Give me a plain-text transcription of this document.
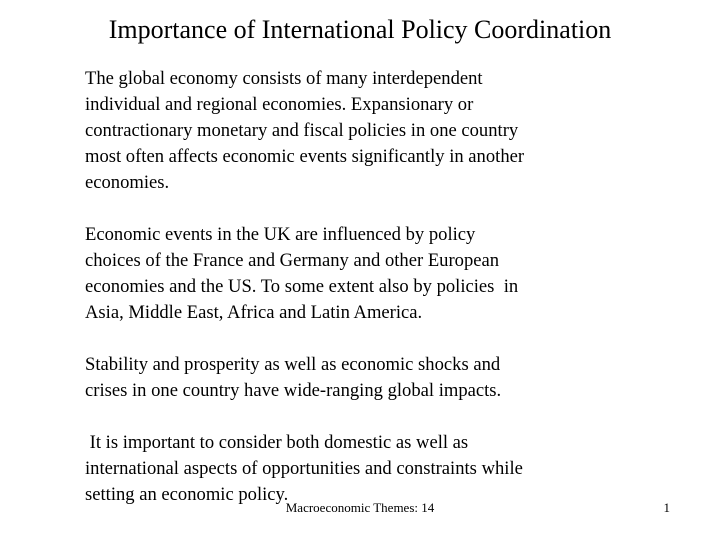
Importance of International Policy Coordination

The global economy consists of many interdependent
individual and regional economies. Expansionary or
contractionary monetary and fiscal policies in one country
most often affects economic events significantly in another
economies.

Economic events in the UK are influenced by policy
choices of the France and Germany and other European
economies and the US. To some extent also by policies  in
Asia, Middle East, Africa and Latin America.

Stability and prosperity as well as economic shocks and
crises in one country have wide-ranging global impacts.

It is important to consider both domestic as well as
international aspects of opportunities and constraints while
setting an economic policy.

Macroeconomic Themes: 14	1
